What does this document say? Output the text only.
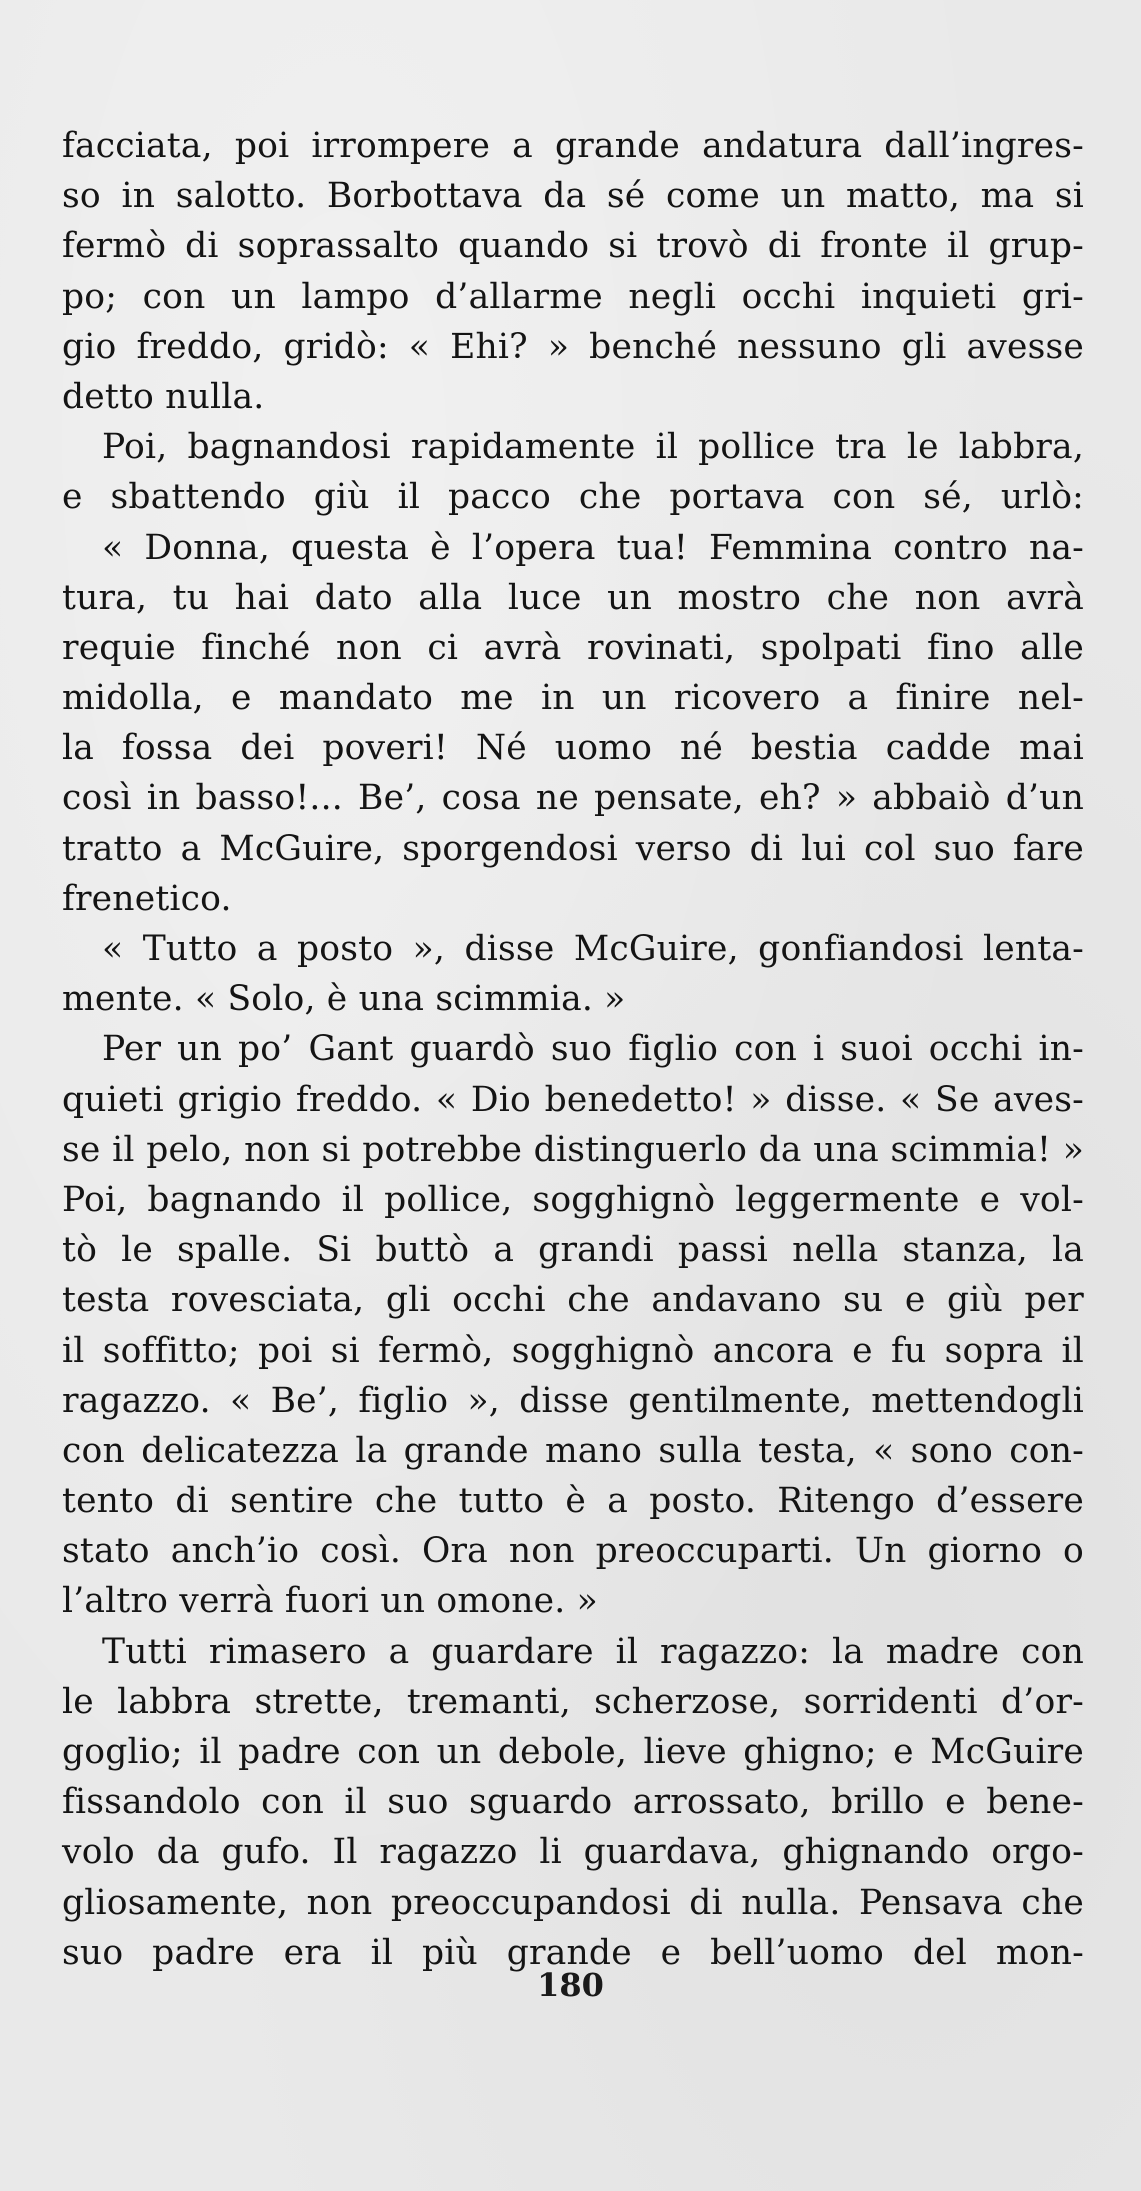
facciata, poi irrompere a grande andatura dall’ingres-
so in salotto. Borbottava da sé come un matto, ma si
fermò di soprassalto quando si trovò di fronte il grup-
po; con un lampo d’allarme negli occhi inquieti gri-
gio freddo, gridò: « Ehi? » benché nessuno gli avesse
detto nulla.
Poi, bagnandosi rapidamente il pollice tra le labbra,
e sbattendo giù il pacco che portava con sé, urlò:
« Donna, questa è l’opera tua! Femmina contro na-
tura, tu hai dato alla luce un mostro che non avrà
requie finché non ci avrà rovinati, spolpati fino alle
midolla, e mandato me in un ricovero a finire nel-
la fossa dei poveri! Né uomo né bestia cadde mai
così in basso!... Be’, cosa ne pensate, eh? » abbaiò d’un
tratto a McGuire, sporgendosi verso di lui col suo fare
frenetico.
« Tutto a posto », disse McGuire, gonfiandosi lenta-
mente. « Solo, è una scimmia. »
Per un po’ Gant guardò suo figlio con i suoi occhi in-
quieti grigio freddo. « Dio benedetto! » disse. « Se aves-
se il pelo, non si potrebbe distinguerlo da una scimmia! »
Poi, bagnando il pollice, sogghignò leggermente e vol-
tò le spalle. Si buttò a grandi passi nella stanza, la
testa rovesciata, gli occhi che andavano su e giù per
il soffitto; poi si fermò, sogghignò ancora e fu sopra il
ragazzo. « Be’, figlio », disse gentilmente, mettendogli
con delicatezza la grande mano sulla testa, « sono con-
tento di sentire che tutto è a posto. Ritengo d’essere
stato anch’io così. Ora non preoccuparti. Un giorno o
l’altro verrà fuori un omone. »
Tutti rimasero a guardare il ragazzo: la madre con
le labbra strette, tremanti, scherzose, sorridenti d’or-
goglio; il padre con un debole, lieve ghigno; e McGuire
fissandolo con il suo sguardo arrossato, brillo e bene-
volo da gufo. Il ragazzo li guardava, ghignando orgo-
gliosamente, non preoccupandosi di nulla. Pensava che
suo padre era il più grande e bell’uomo del mon-
180
